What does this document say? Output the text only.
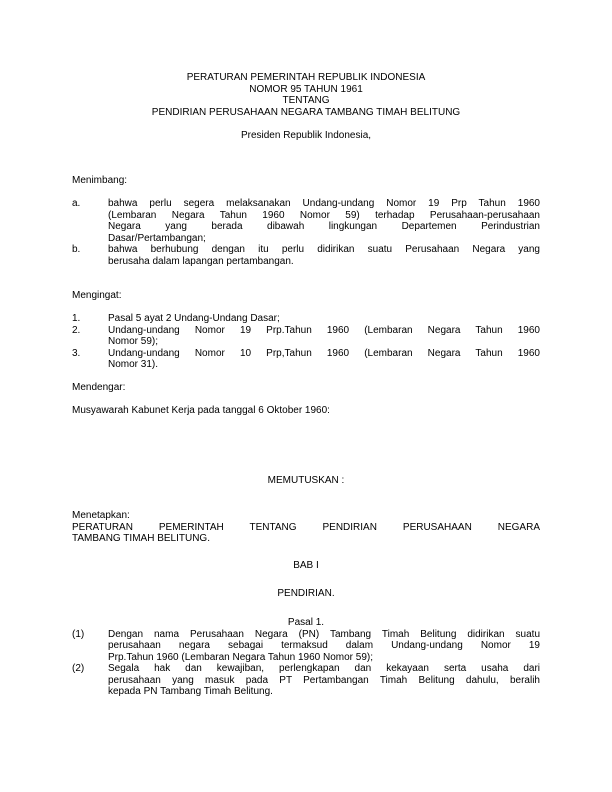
PERATURAN PEMERINTAH REPUBLIK INDONESIA
NOMOR 95 TAHUN 1961
TENTANG
PENDIRIAN PERUSAHAAN NEGARA TAMBANG TIMAH BELITUNG
Presiden Republik Indonesia,
Menimbang:
a.	bahwa perlu segera melaksanakan Undang-undang Nomor 19 Prp Tahun 1960
(Lembaran Negara Tahun 1960 Nomor 59) terhadap Perusahaan-perusahaan
Negara yang berada dibawah lingkungan Departemen Perindustrian
Dasar/Pertambangan;
b.	bahwa berhubung dengan itu perlu didirikan suatu Perusahaan Negara yang
berusaha dalam lapangan pertambangan.
Mengingat:
1.	Pasal 5 ayat 2 Undang-Undang Dasar;
2.	Undang-undang Nomor 19 Prp.Tahun 1960 (Lembaran Negara Tahun 1960
Nomor 59);
3.	Undang-undang Nomor 10 Prp,Tahun 1960 (Lembaran Negara Tahun 1960
Nomor 31).
Mendengar:
Musyawarah Kabunet Kerja pada tanggal 6 Oktober 1960:
MEMUTUSKAN :
Menetapkan:
PERATURAN PEMERINTAH TENTANG PENDIRIAN PERUSAHAAN NEGARA
TAMBANG TIMAH BELITUNG.
BAB I
PENDIRIAN.
Pasal 1.
(1) Dengan nama Perusahaan Negara (PN) Tambang Timah Belitung didirikan suatu
perusahaan negara sebagai termaksud dalam Undang-undang Nomor 19
Prp.Tahun 1960 (Lembaran Negara Tahun 1960 Nomor 59);
(2) Segala hak dan kewajiban, perlengkapan dan kekayaan serta usaha dari
perusahaan yang masuk pada PT Pertambangan Timah Belitung dahulu, beralih
kepada PN Tambang Timah Belitung.
